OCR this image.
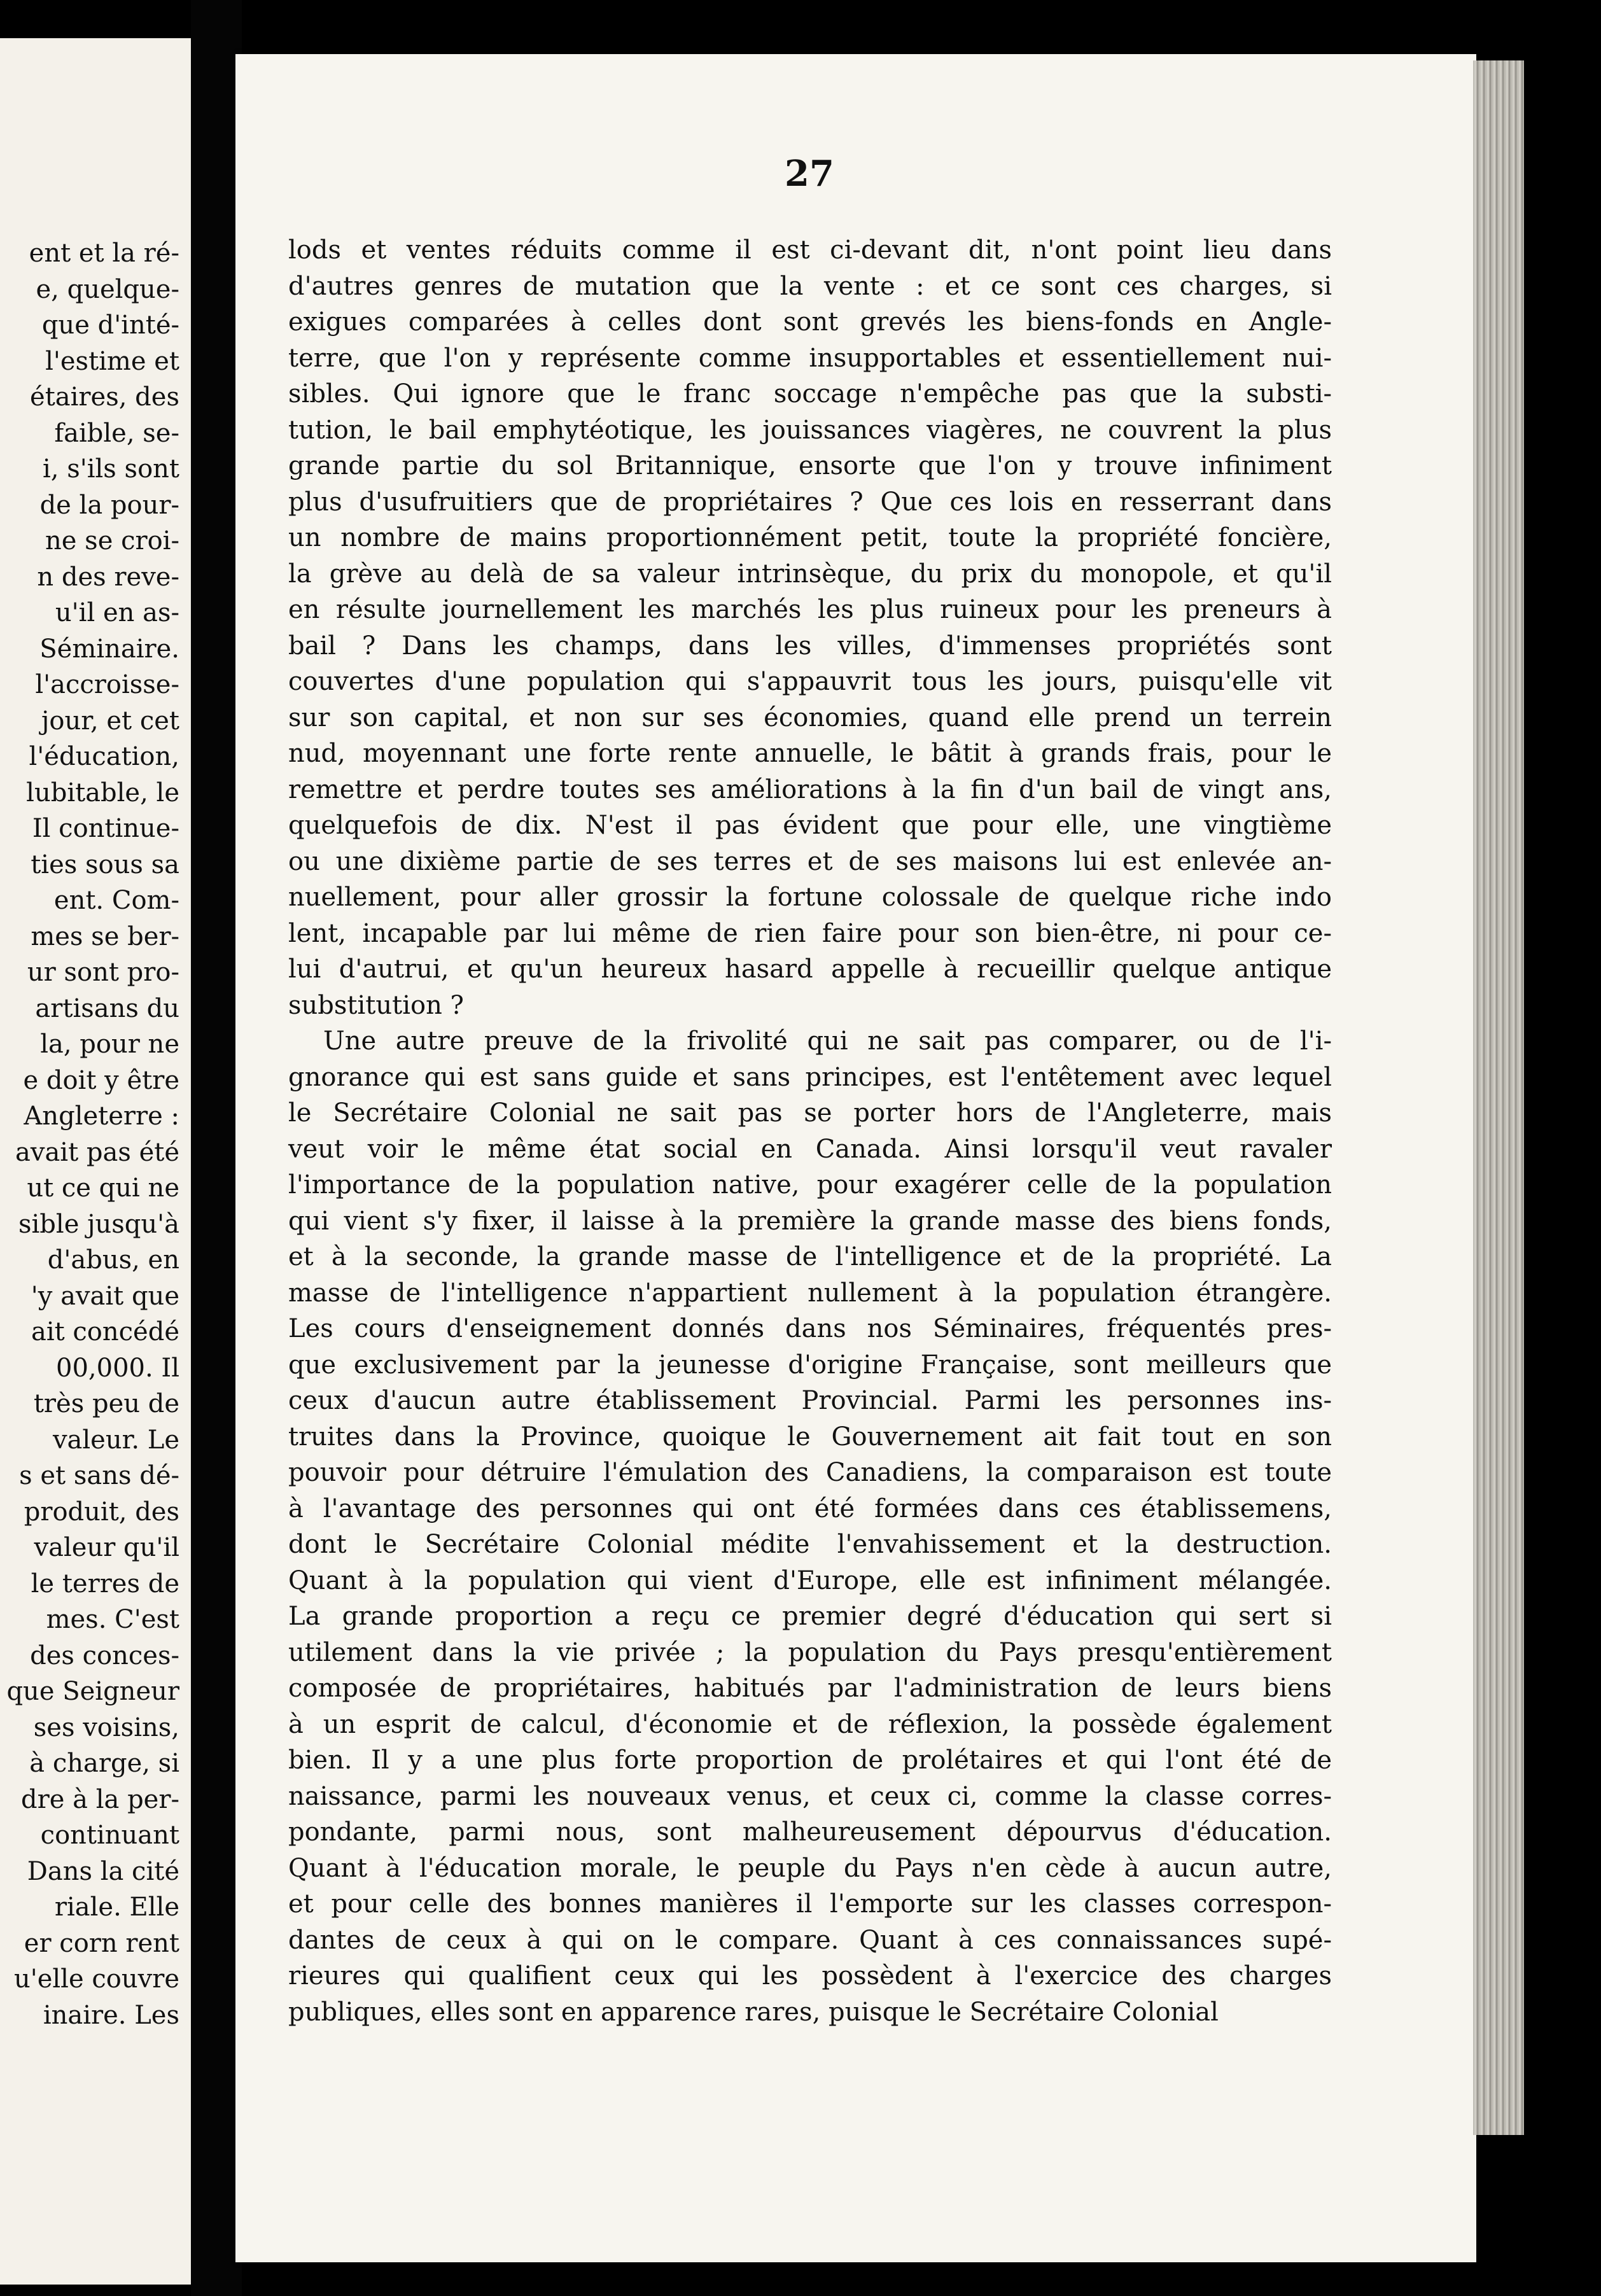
ent et la ré-
e, quelque-
que d'inté-
l'estime et
étaires, des
faible, se-
i, s'ils sont
de la pour-
ne se croi-
n des reve-
u'il en as-
Séminaire.
l'accroisse-
jour, et cet
l'éducation,
lubitable, le
Il continue-
ties sous sa
ent. Com-
mes se ber-
ur sont pro-
artisans du
la, pour ne
e doit y être
Angleterre :
avait pas été
ut ce qui ne
sible jusqu'à
d'abus, en
'y avait que
ait concédé
00,000. Il
très peu de
valeur. Le
s et sans dé-
produit, des
valeur qu'il
le terres de
mes. C'est
des conces-
que Seigneur
ses voisins,
à charge, si
dre à la per-
continuant
Dans la cité
riale. Elle
er corn rent
u'elle couvre
inaire. Les
27
lods et ventes réduits comme il est ci-devant dit, n'ont point lieu dans
d'autres genres de mutation que la vente : et ce sont ces charges, si
exigues comparées à celles dont sont grevés les biens-fonds en Angle-
terre, que l'on y représente comme insupportables et essentiellement nui-
sibles. Qui ignore que le franc soccage n'empêche pas que la substi-
tution, le bail emphytéotique, les jouissances viagères, ne couvrent la plus
grande partie du sol Britannique, ensorte que l'on y trouve infiniment
plus d'usufruitiers que de propriétaires ? Que ces lois en resserrant dans
un nombre de mains proportionnément petit, toute la propriété foncière,
la grève au delà de sa valeur intrinsèque, du prix du monopole, et qu'il
en résulte journellement les marchés les plus ruineux pour les preneurs à
bail ? Dans les champs, dans les villes, d'immenses propriétés sont
couvertes d'une population qui s'appauvrit tous les jours, puisqu'elle vit
sur son capital, et non sur ses économies, quand elle prend un terrein
nud, moyennant une forte rente annuelle, le bâtit à grands frais, pour le
remettre et perdre toutes ses améliorations à la fin d'un bail de vingt ans,
quelquefois de dix. N'est il pas évident que pour elle, une vingtième
ou une dixième partie de ses terres et de ses maisons lui est enlevée an-
nuellement, pour aller grossir la fortune colossale de quelque riche indo
lent, incapable par lui même de rien faire pour son bien-être, ni pour ce-
lui d'autrui, et qu'un heureux hasard appelle à recueillir quelque antique
substitution ?
Une autre preuve de la frivolité qui ne sait pas comparer, ou de l'i-
gnorance qui est sans guide et sans principes, est l'entêtement avec lequel
le Secrétaire Colonial ne sait pas se porter hors de l'Angleterre, mais
veut voir le même état social en Canada. Ainsi lorsqu'il veut ravaler
l'importance de la population native, pour exagérer celle de la population
qui vient s'y fixer, il laisse à la première la grande masse des biens fonds,
et à la seconde, la grande masse de l'intelligence et de la propriété. La
masse de l'intelligence n'appartient nullement à la population étrangère.
Les cours d'enseignement donnés dans nos Séminaires, fréquentés pres-
que exclusivement par la jeunesse d'origine Française, sont meilleurs que
ceux d'aucun autre établissement Provincial. Parmi les personnes ins-
truites dans la Province, quoique le Gouvernement ait fait tout en son
pouvoir pour détruire l'émulation des Canadiens, la comparaison est toute
à l'avantage des personnes qui ont été formées dans ces établissemens,
dont le Secrétaire Colonial médite l'envahissement et la destruction.
Quant à la population qui vient d'Europe, elle est infiniment mélangée.
La grande proportion a reçu ce premier degré d'éducation qui sert si
utilement dans la vie privée ; la population du Pays presqu'entièrement
composée de propriétaires, habitués par l'administration de leurs biens
à un esprit de calcul, d'économie et de réflexion, la possède également
bien. Il y a une plus forte proportion de prolétaires et qui l'ont été de
naissance, parmi les nouveaux venus, et ceux ci, comme la classe corres-
pondante, parmi nous, sont malheureusement dépourvus d'éducation.
Quant à l'éducation morale, le peuple du Pays n'en cède à aucun autre,
et pour celle des bonnes manières il l'emporte sur les classes correspon-
dantes de ceux à qui on le compare. Quant à ces connaissances supé-
rieures qui qualifient ceux qui les possèdent à l'exercice des charges
publiques, elles sont en apparence rares, puisque le Secrétaire Colonial
